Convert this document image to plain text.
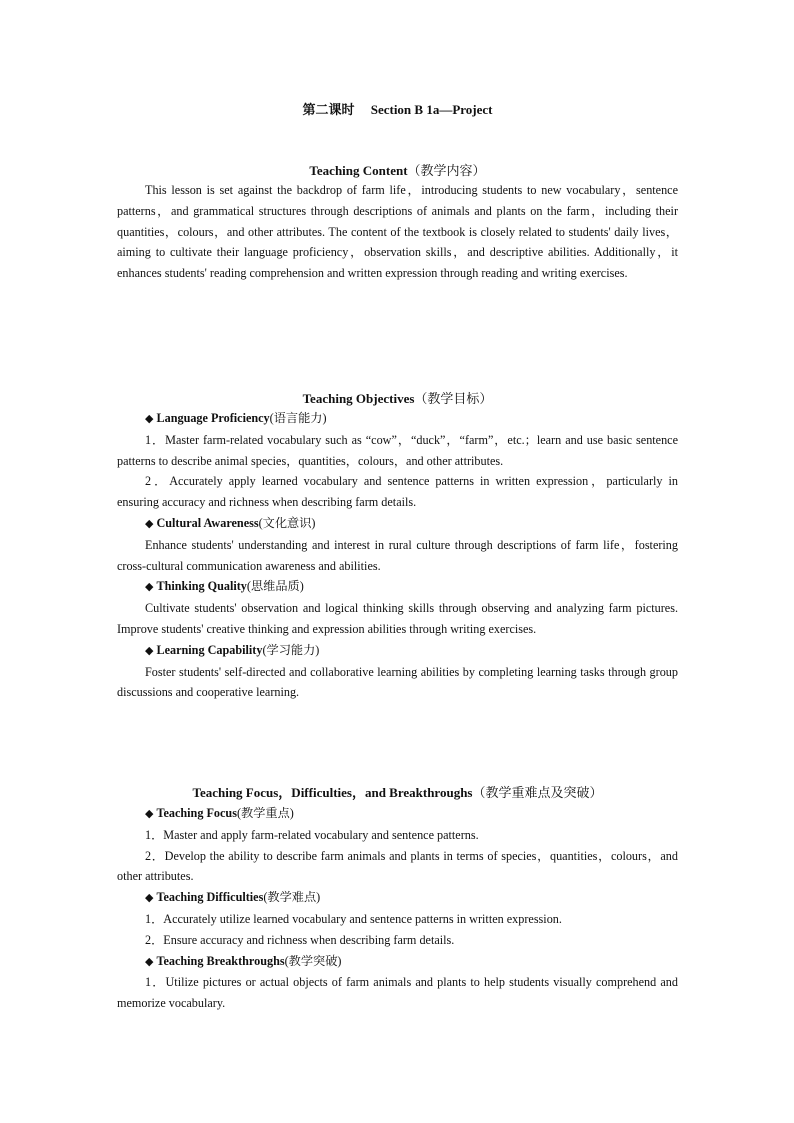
第二课时　 Section B 1a—Project
Teaching Content（教学内容）

This lesson is set against the backdrop of farm life，introducing students to new vocabulary，sentence patterns，and grammatical structures through descriptions of animals and plants on the farm，including their quantities，colours，and other attributes. The content of the textbook is closely related to students' daily lives，aiming to cultivate their language proficiency，observation skills，and descriptive abilities. Additionally，it enhances students' reading comprehension and written expression through reading and writing exercises.

Teaching Objectives（教学目标）

◆ Language Proficiency(语言能力)

1．Master farm-related vocabulary such as “cow”，“duck”，“farm”，etc.；learn and use basic sentence patterns to describe animal species，quantities，colours，and other attributes.

2．Accurately apply learned vocabulary and sentence patterns in written expression，particularly in ensuring accuracy and richness when describing farm details.

◆ Cultural Awareness(文化意识)

Enhance students' understanding and interest in rural culture through descriptions of farm life，fostering cross-cultural communication awareness and abilities.

◆ Thinking Quality(思维品质)

Cultivate students' observation and logical thinking skills through observing and analyzing farm pictures. Improve students' creative thinking and expression abilities through writing exercises.

◆ Learning Capability(学习能力)

Foster students' self-directed and collaborative learning abilities by completing learning tasks through group discussions and cooperative learning.

Teaching Focus，Difficulties，and Breakthroughs（教学重难点及突破）

◆ Teaching Focus(教学重点)

1．Master and apply farm-related vocabulary and sentence patterns.

2．Develop the ability to describe farm animals and plants in terms of species，quantities，colours，and other attributes.

◆ Teaching Difficulties(教学难点)

1．Accurately utilize learned vocabulary and sentence patterns in written expression.

2．Ensure accuracy and richness when describing farm details.

◆ Teaching Breakthroughs(教学突破)

1．Utilize pictures or actual objects of farm animals and plants to help students visually comprehend and memorize vocabulary.
